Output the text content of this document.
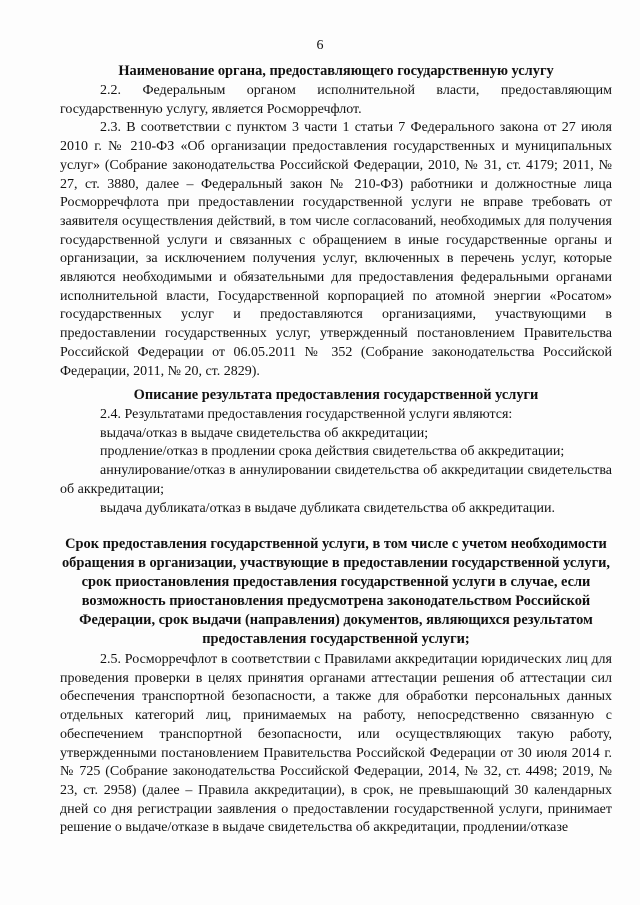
6
Наименование органа, предоставляющего государственную услугу

2.2. Федеральным органом исполнительной власти, предоставляющим государственную услугу, является Росморречфлот.

2.3. В соответствии с пунктом 3 части 1 статьи 7 Федерального закона от 27 июля 2010 г. № 210-ФЗ «Об организации предоставления государственных и муниципальных услуг» (Собрание законодательства Российской Федерации, 2010, № 31, ст. 4179; 2011, № 27, ст. 3880, далее – Федеральный закон № 210-ФЗ) работники и должностные лица Росморречфлота при предоставлении государственной услуги не вправе требовать от заявителя осуществления действий, в том числе согласований, необходимых для получения государственной услуги и связанных с обращением в иные государственные органы и организации, за исключением получения услуг, включенных в перечень услуг, которые являются необходимыми и обязательными для предоставления федеральными органами исполнительной власти, Государственной корпорацией по атомной энергии «Росатом» государственных услуг и предоставляются организациями, участвующими в предоставлении государственных услуг, утвержденный постановлением Правительства Российской Федерации от 06.05.2011 № 352 (Собрание законодательства Российской Федерации, 2011, № 20, ст. 2829).

Описание результата предоставления государственной услуги

2.4. Результатами предоставления государственной услуги являются:

выдача/отказ в выдаче свидетельства об аккредитации;

продление/отказ в продлении срока действия свидетельства об аккредитации;

аннулирование/отказ в аннулировании свидетельства об аккредитации свидетельства об аккредитации;

выдача дубликата/отказ в выдаче дубликата свидетельства об аккредитации.

Срок предоставления государственной услуги, в том числе с учетом необходимости обращения в организации, участвующие в предоставлении государственной услуги, срок приостановления предоставления государственной услуги в случае, если возможность приостановления предусмотрена законодательством Российской Федерации, срок выдачи (направления) документов, являющихся результатом предоставления государственной услуги;

2.5. Росморречфлот в соответствии с Правилами аккредитации юридических лиц для проведения проверки в целях принятия органами аттестации решения об аттестации сил обеспечения транспортной безопасности, а также для обработки персональных данных отдельных категорий лиц, принимаемых на работу, непосредственно связанную с обеспечением транспортной безопасности, или осуществляющих такую работу, утвержденными постановлением Правительства Российской Федерации от 30 июля 2014 г. № 725 (Собрание законодательства Российской Федерации, 2014, № 32, ст. 4498; 2019, № 23, ст. 2958) (далее – Правила аккредитации), в срок, не превышающий 30 календарных дней со дня регистрации заявления о предоставлении государственной услуги, принимает решение о выдаче/отказе в выдаче свидетельства об аккредитации, продлении/отказе
